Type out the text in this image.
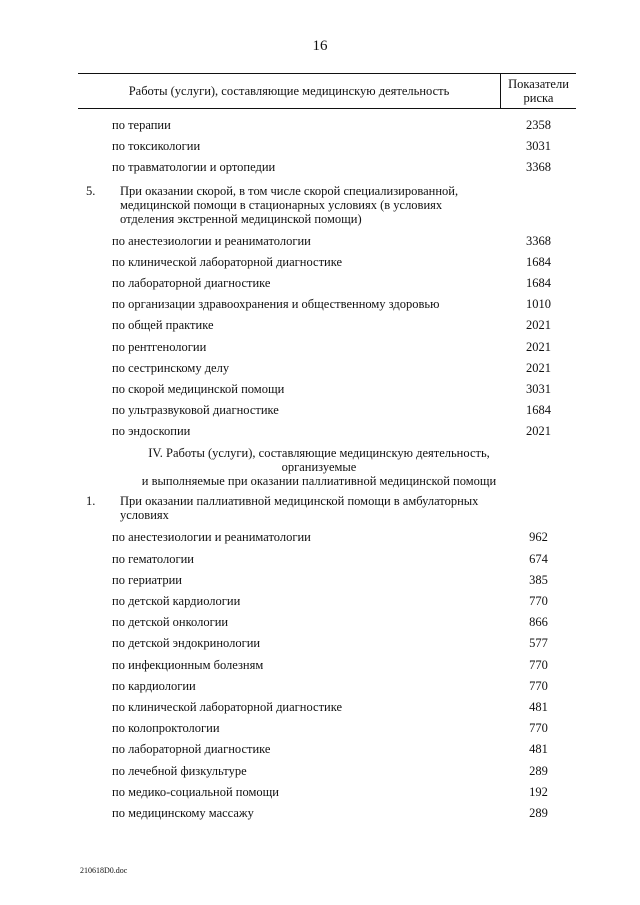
16
Работы (услуги), составляющие медицинскую деятельность	Показатели
риска
по терапии	2358
по токсикологии	3031
по травматологии и ортопедии	3368
5.	При оказании скорой, в том числе скорой специализированной,
медицинской помощи в стационарных условиях (в условиях
отделения экстренной медицинской помощи)
по анестезиологии и реаниматологии	3368
по клинической лабораторной диагностике	1684
по лабораторной диагностике	1684
по организации здравоохранения и общественному здоровью	1010
по общей практике	2021
по рентгенологии	2021
по сестринскому делу	2021
по скорой медицинской помощи	3031
по ультразвуковой диагностике	1684
по эндоскопии	2021
IV. Работы (услуги), составляющие медицинскую деятельность, организуемые
и выполняемые при оказании паллиативной медицинской помощи
1.	При оказании паллиативной медицинской помощи в амбулаторных
условиях
по анестезиологии и реаниматологии	962
по гематологии	674
по гериатрии	385
по детской кардиологии	770
по детской онкологии	866
по детской эндокринологии	577
по инфекционным болезням	770
по кардиологии	770
по клинической лабораторной диагностике	481
по колопроктологии	770
по лабораторной диагностике	481
по лечебной физкультуре	289
по медико-социальной помощи	192
по медицинскому массажу	289
210618D0.doc
